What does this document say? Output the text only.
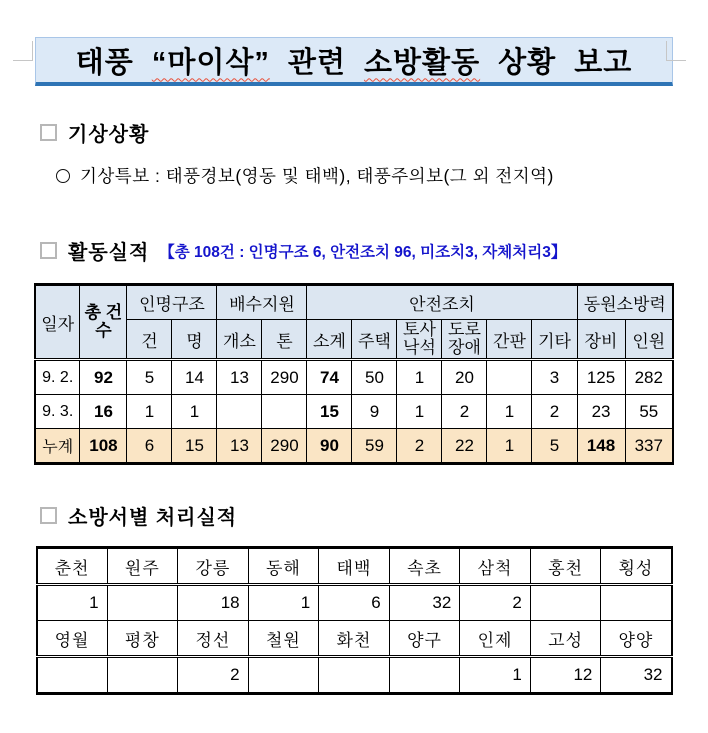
태풍 “마이삭” 관련 소방활동 상황 보고
기상상황
기상특보 : 태풍경보(영동 및 태백), 태풍주의보(그 외 전지역)
활동실적 【총 108건 : 인명구조 6, 안전조치 96, 미조치3, 자체처리3】
일자	총 건수	인명구조		배수지원		안전조치						동원소방력	
		건	명	개소	톤	소계	주택	토사낙석	도로장애	간판	기타	장비	인원
9. 2.	92	5	14	13	290	74	50	1	20		3	125	282
9. 3.	16	1	1			15	9	1	2	1	2	23	55
누계	108	6	15	13	290	90	59	2	22	1	5	148	337
소방서별 처리실적
춘천	원주	강릉	동해	태백	속초	삼척	홍천	횡성
1		18	1	6	32	2		
영월	평창	정선	철원	화천	양구	인제	고성	양양
		2				1	12	32
